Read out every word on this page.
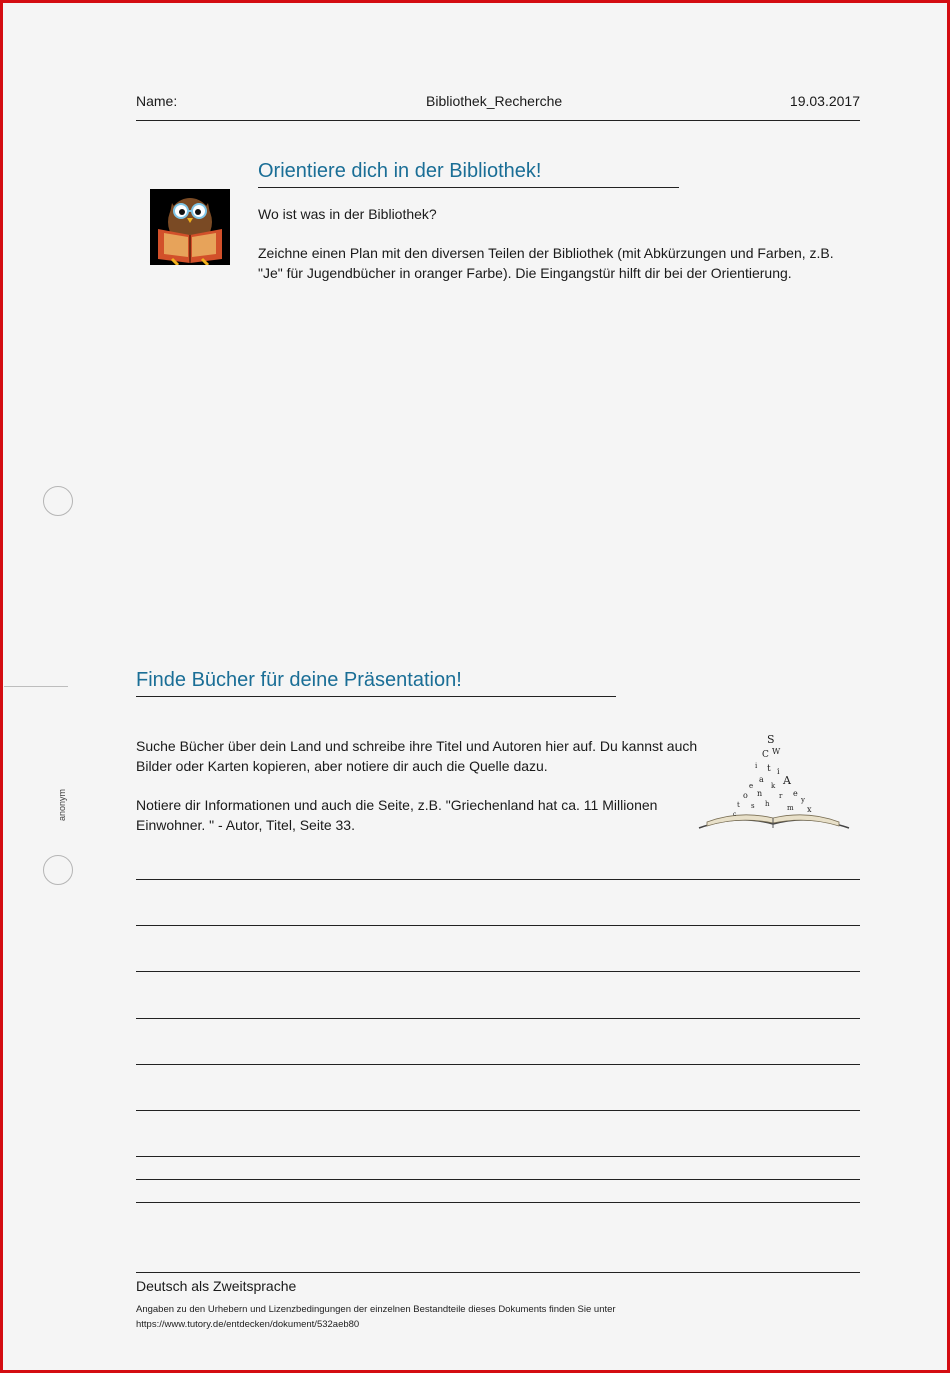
Name:	Bibliothek_Recherche	19.03.2017
Orientiere dich in der Bibliothek!
Wo ist was in der Bibliothek?
Zeichne einen Plan mit den diversen Teilen der Bibliothek (mit Abkürzungen und Farben, z.B. "Je" für Jugendbücher in oranger Farbe). Die Eingangstür hilft dir bei der Orientierung.
anonym
Finde Bücher für deine Präsentation!
Suche Bücher über dein Land und schreibe ihre Titel und Autoren hier auf. Du kannst auch Bilder oder Karten kopieren, aber notiere dir auch die Quelle dazu.
Notiere dir Informationen und auch die Seite, z.B. "Griechenland hat ca. 11 Millionen Einwohner. " - Autor, Titel, Seite 33.
S
C W
i t i
a A
e	k
o n	e
r
t s h	y
m x
c
Deutsch als Zweitsprache
Angaben zu den Urhebern und Lizenzbedingungen der einzelnen Bestandteile dieses Dokuments finden Sie unter
https://www.tutory.de/entdecken/dokument/532aeb80
